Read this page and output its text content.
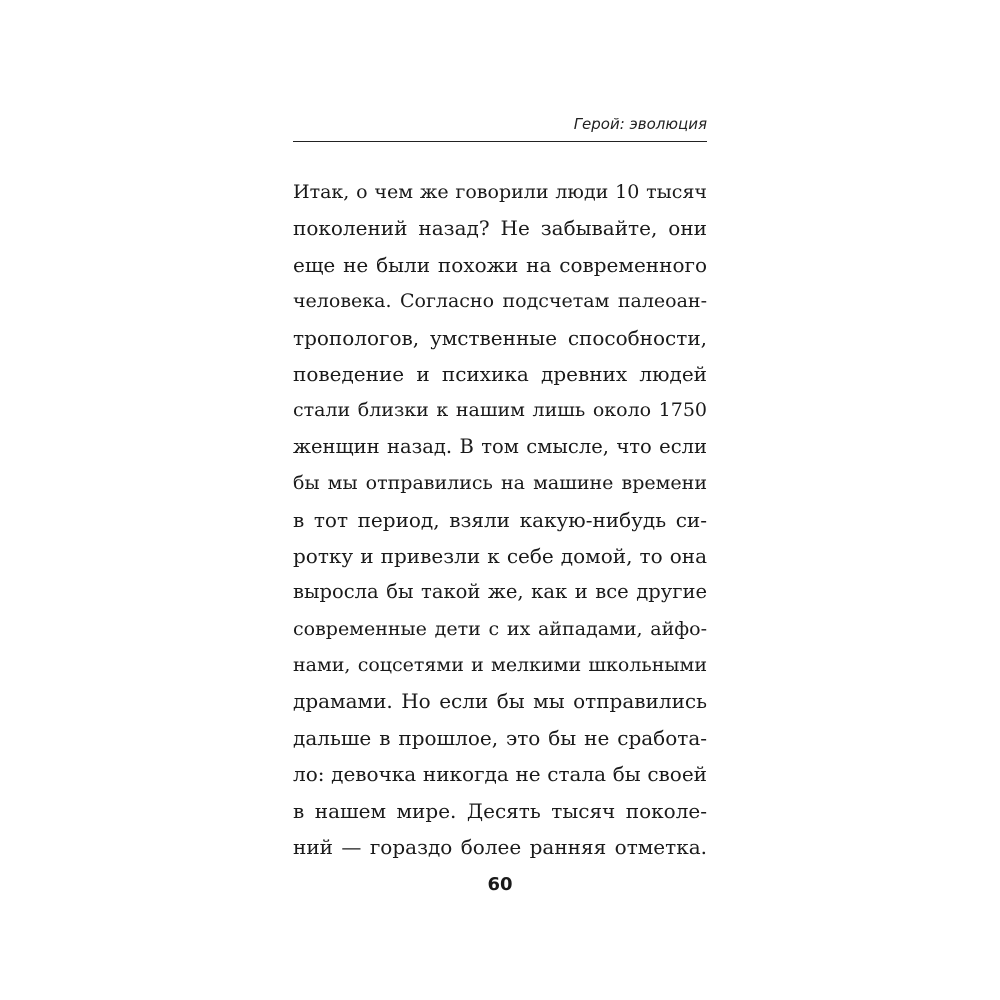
Герой: эволюция
Итак, о чем же говорили люди 10 тысяч
поколений назад? Не забывайте, они
еще не были похожи на современного
человека. Согласно подсчетам палеоан-
тропологов, умственные способности,
поведение и психика древних людей
стали близки к нашим лишь около 1750
женщин назад. В том смысле, что если
бы мы отправились на машине времени
в тот период, взяли какую-нибудь си-
ротку и привезли к себе домой, то она
выросла бы такой же, как и все другие
современные дети с их айпадами, айфо-
нами, соцсетями и мелкими школьными
драмами. Но если бы мы отправились
дальше в прошлое, это бы не сработа-
ло: девочка никогда не стала бы своей
в нашем мире. Десять тысяч поколе-
ний — гораздо более ранняя отметка.
60
